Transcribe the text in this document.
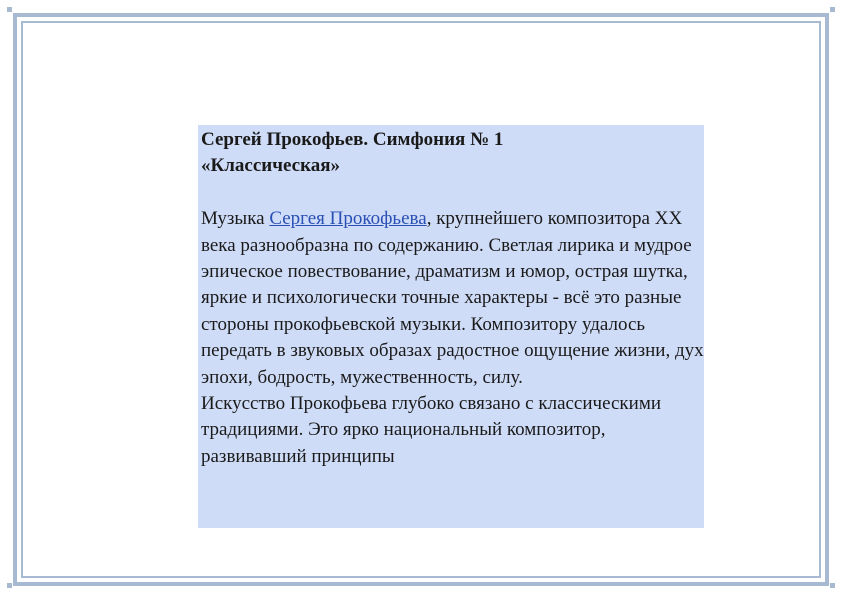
Сергей Прокофьев. Симфония № 1
«Классическая»

Музыка Сергея Прокофьева, крупнейшего композитора XX века разнообразна по содержанию. Светлая лирика и мудрое эпическое повествование, драматизм и юмор, острая шутка, яркие и психологически точные характеры - всё это разные стороны прокофьевской музыки. Композитору удалось передать в звуковых образах радостное ощущение жизни, дух эпохи, бодрость, мужественность, силу.

Искусство Прокофьева глубоко связано с классическими традициями. Это ярко национальный композитор, развивавший принципы
